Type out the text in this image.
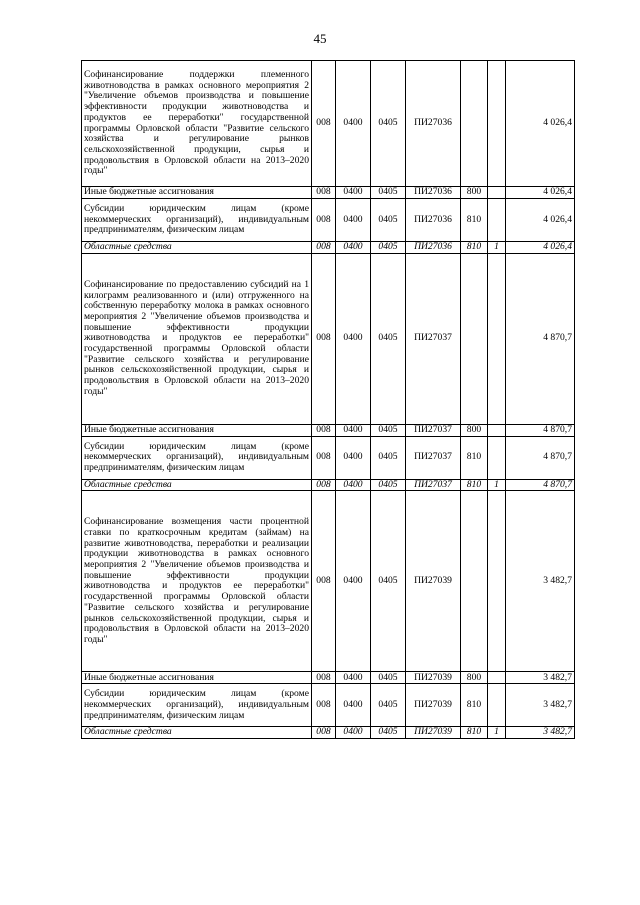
45
Софинансирование поддержки племенного животноводства в рамках основного мероприятия 2 "Увеличение объемов производства и повышение эффективности продукции животноводства и продуктов ее переработки" государственной программы Орловской области "Развитие сельского хозяйства и регулирование рынков сельскохозяйственной продукции, сырья и продовольствия в Орловской области на 2013–2020 годы"	008	0400	0405	ПИ27036			4 026,4
Иные бюджетные ассигнования	008	0400	0405	ПИ27036	800		4 026,4
Субсидии юридическим лицам (кроме некоммерческих организаций), индивидуальным предпринимателям, физическим лицам	008	0400	0405	ПИ27036	810		4 026,4
Областные средства	008	0400	0405	ПИ27036	810	1	4 026,4
Софинансирование по предоставлению субсидий на 1 килограмм реализованного и (или) отгруженного на собственную переработку молока в рамках основного мероприятия 2 "Увеличение объемов производства и повышение эффективности продукции животноводства и продуктов ее переработки" государственной программы Орловской области "Развитие сельского хозяйства и регулирование рынков сельскохозяйственной продукции, сырья и продовольствия в Орловской области на 2013–2020 годы"	008	0400	0405	ПИ27037			4 870,7
Иные бюджетные ассигнования	008	0400	0405	ПИ27037	800		4 870,7
Субсидии юридическим лицам (кроме некоммерческих организаций), индивидуальным предпринимателям, физическим лицам	008	0400	0405	ПИ27037	810		4 870,7
Областные средства	008	0400	0405	ПИ27037	810	1	4 870,7
Софинансирование возмещения части процентной ставки по краткосрочным кредитам (займам) на развитие животноводства, переработки и реализации продукции животноводства в рамках основного мероприятия 2 "Увеличение объемов производства и повышение эффективности продукции животноводства и продуктов ее переработки" государственной программы Орловской области "Развитие сельского хозяйства и регулирование рынков сельскохозяйственной продукции, сырья и продовольствия в Орловской области на 2013–2020 годы"	008	0400	0405	ПИ27039			3 482,7
Иные бюджетные ассигнования	008	0400	0405	ПИ27039	800		3 482,7
Субсидии юридическим лицам (кроме некоммерческих организаций), индивидуальным предпринимателям, физическим лицам	008	0400	0405	ПИ27039	810		3 482,7
Областные средства	008	0400	0405	ПИ27039	810	1	3 482,7
